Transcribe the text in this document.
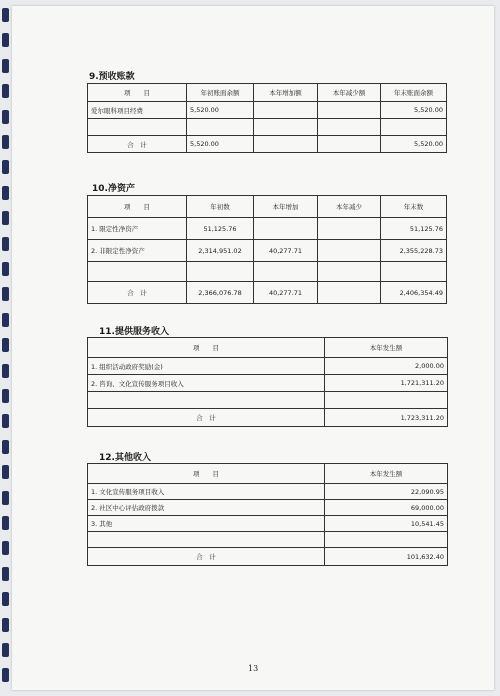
9.预收账款
项　　目	年初账面余额	本年增加额	本年减少额	年末账面余额
爱尔眼科项目经费	5,520.00			5,520.00

合　计	5,520.00			5,520.00
10.净资产
项　　目	年初数	本年增加	本年减少	年末数
1. 限定性净资产	51,125.76			51,125.76
2. 非限定性净资产	2,314,951.02	40,277.71		2,355,228.73

合　计	2,366,076.78	40,277.71		2,406,354.49
11.提供服务收入
项　　目	本年发生额
1. 组织活动政府奖励(金)	2,000.00
2. 咨询、文化宣传服务项目收入	1,721,311.20

合　计	1,723,311.20
12.其他收入
项　　目	本年发生额
1. 文化宣传服务项目收入	22,090.95
2. 社区中心评估政府拨款	69,000.00
3. 其他	10,541.45

合　计	101,632.40
13
